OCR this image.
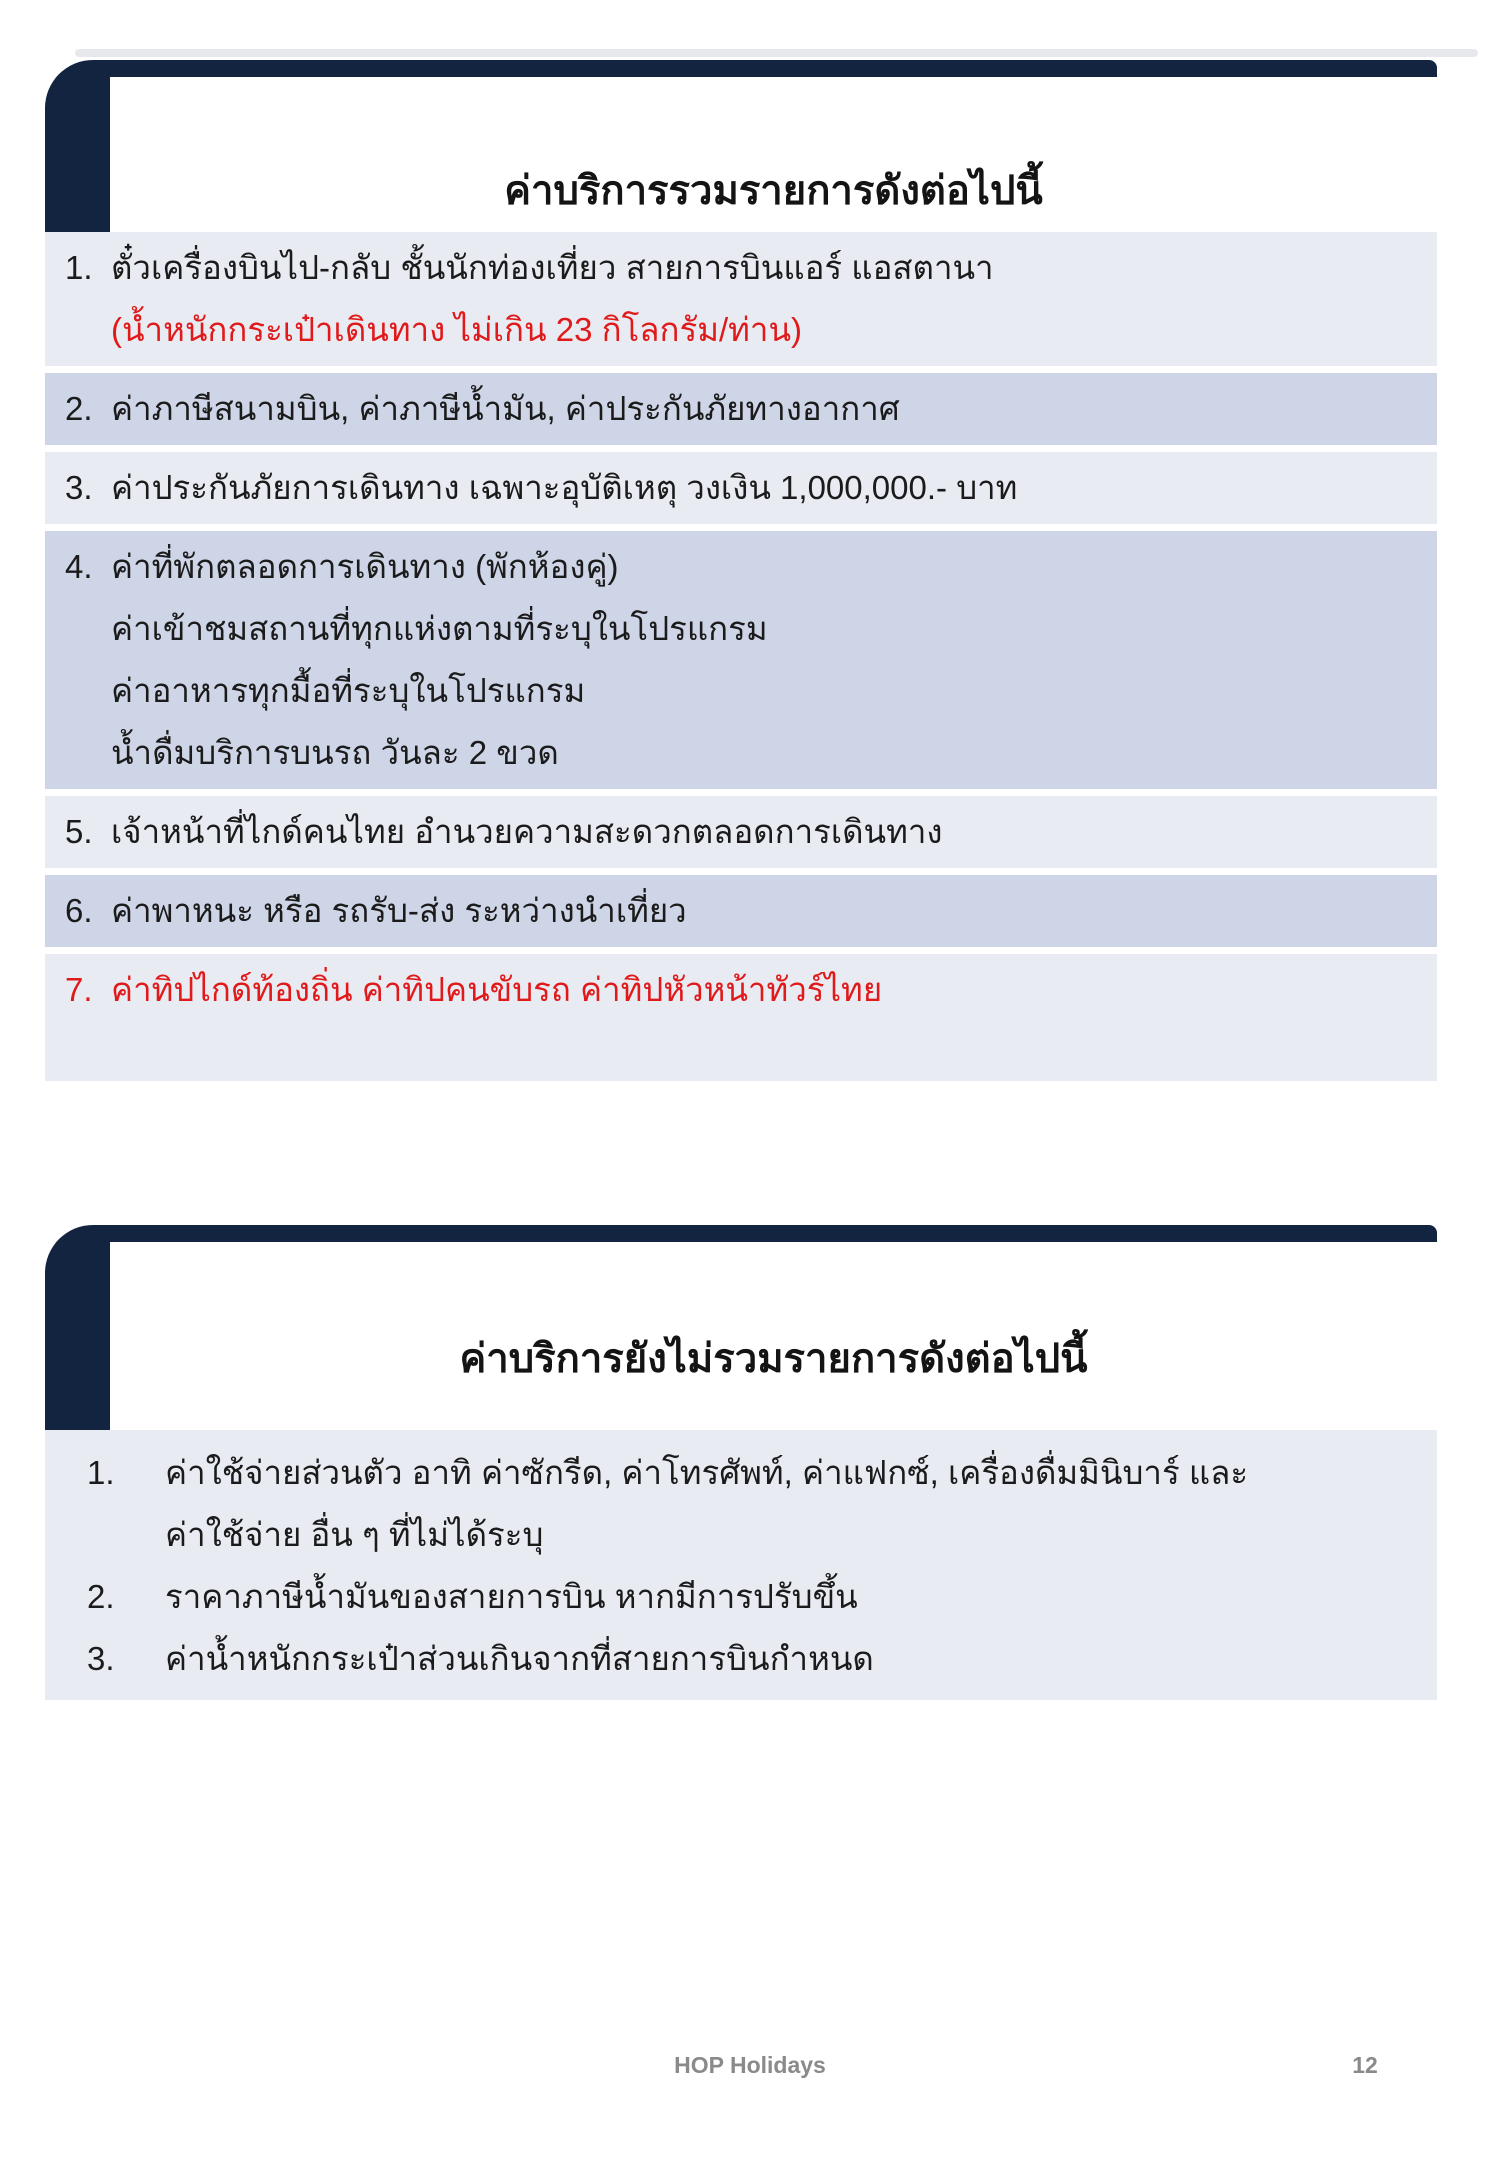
ค่าบริการรวมรายการดังต่อไปนี้
1. ตั๋วเครื่องบินไป-กลับ ชั้นนักท่องเที่ยว สายการบินแอร์ แอสตานา
(น้ำหนักกระเป๋าเดินทาง ไม่เกิน 23 กิโลกรัม/ท่าน)
2. ค่าภาษีสนามบิน, ค่าภาษีน้ำมัน, ค่าประกันภัยทางอากาศ
3. ค่าประกันภัยการเดินทาง เฉพาะอุบัติเหตุ วงเงิน 1,000,000.- บาท
4. ค่าที่พักตลอดการเดินทาง (พักห้องคู่)
ค่าเข้าชมสถานที่ทุกแห่งตามที่ระบุในโปรแกรม
ค่าอาหารทุกมื้อที่ระบุในโปรแกรม
น้ำดื่มบริการบนรถ วันละ 2 ขวด
5. เจ้าหน้าที่ไกด์คนไทย อำนวยความสะดวกตลอดการเดินทาง
6. ค่าพาหนะ หรือ รถรับ-ส่ง ระหว่างนำเที่ยว
7. ค่าทิปไกด์ท้องถิ่น ค่าทิปคนขับรถ ค่าทิปหัวหน้าทัวร์ไทย
ค่าบริการยังไม่รวมรายการดังต่อไปนี้
1.	ค่าใช้จ่ายส่วนตัว อาทิ ค่าซักรีด, ค่าโทรศัพท์, ค่าแฟกซ์, เครื่องดื่มมินิบาร์ และ
ค่าใช้จ่าย อื่น ๆ ที่ไม่ได้ระบุ
2.	ราคาภาษีน้ำมันของสายการบิน หากมีการปรับขึ้น
3.	ค่าน้ำหนักกระเป๋าส่วนเกินจากที่สายการบินกำหนด
HOP Holidays	12
